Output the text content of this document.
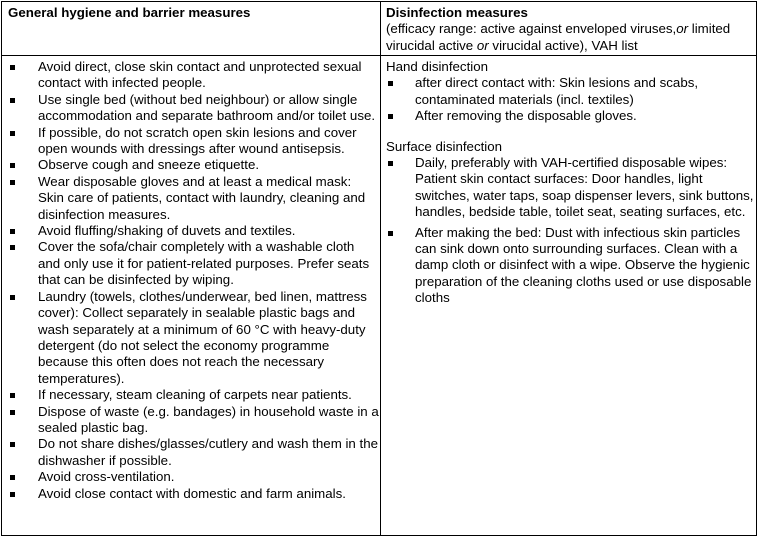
General hygiene and barrier measures	Disinfection measures
(efficacy range: active against enveloped viruses,or limited virucidal active or virucidal active), VAH list
Avoid direct, close skin contact and unprotected sexual contact with infected people.
Use single bed (without bed neighbour) or allow single accommodation and separate bathroom and/or toilet use.
If possible, do not scratch open skin lesions and cover open wounds with dressings after wound antisepsis.
Observe cough and sneeze etiquette.
Wear disposable gloves and at least a medical mask: Skin care of patients, contact with laundry, cleaning and disinfection measures.
Avoid fluffing/shaking of duvets and textiles.
Cover the sofa/chair completely with a washable cloth and only use it for patient-related purposes. Prefer seats that can be disinfected by wiping.
Laundry (towels, clothes/underwear, bed linen, mattress cover): Collect separately in sealable plastic bags and wash separately at a minimum of 60 °C with heavy-duty detergent (do not select the economy programme because this often does not reach the necessary temperatures).
If necessary, steam cleaning of carpets near patients.
Dispose of waste (e.g. bandages) in household waste in a sealed plastic bag.
Do not share dishes/glasses/cutlery and wash them in the dishwasher if possible.
Avoid cross-ventilation.
Avoid close contact with domestic and farm animals.

Hand disinfection

after direct contact with: Skin lesions and scabs, contaminated materials (incl. textiles)
After removing the disposable gloves.

Surface disinfection

Daily, preferably with VAH-certified disposable wipes: Patient skin contact surfaces: Door handles, light switches, water taps, soap dispenser levers, sink buttons, handles, bedside table, toilet seat, seating surfaces, etc.
After making the bed: Dust with infectious skin particles can sink down onto surrounding surfaces. Clean with a damp cloth or disinfect with a wipe. Observe the hygienic preparation of the cleaning cloths used or use disposable cloths
